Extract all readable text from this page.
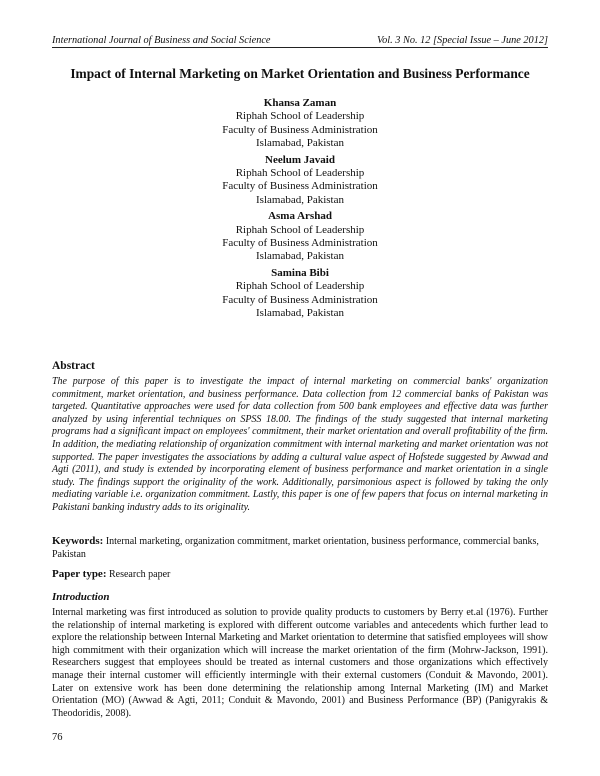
International Journal of Business and Social Science	Vol. 3 No. 12 [Special Issue – June 2012]
Impact of Internal Marketing on Market Orientation and Business Performance
Khansa Zaman
Riphah School of Leadership
Faculty of Business Administration
Islamabad, Pakistan
Neelum Javaid
Riphah School of Leadership
Faculty of Business Administration
Islamabad, Pakistan
Asma Arshad
Riphah School of Leadership
Faculty of Business Administration
Islamabad, Pakistan
Samina Bibi
Riphah School of Leadership
Faculty of Business Administration
Islamabad, Pakistan
Abstract

The purpose of this paper is to investigate the impact of internal marketing on commercial banks' organization commitment, market orientation, and business performance. Data collection from 12 commercial banks of Pakistan was targeted. Quantitative approaches were used for data collection from 500 bank employees and effective data was further analyzed by using inferential techniques on SPSS 18.00. The findings of the study suggested that internal marketing programs had a significant impact on employees' commitment, their market orientation and overall profitability of the firm. In addition, the mediating relationship of organization commitment with internal marketing and market orientation was not supported. The paper investigates the associations by adding a cultural value aspect of Hofstede suggested by Awwad and Agti (2011), and study is extended by incorporating element of business performance and market orientation in a single study. The findings support the originality of the work. Additionally, parsimonious aspect is followed by taking the only mediating variable i.e. organization commitment. Lastly, this paper is one of few papers that focus on internal marketing in Pakistani banking industry adds to its originality.

Keywords: Internal marketing, organization commitment, market orientation, business performance, commercial banks, Pakistan

Paper type: Research paper
Introduction

Internal marketing was first introduced as solution to provide quality products to customers by Berry et.al (1976). Further the relationship of internal marketing is explored with different outcome variables and antecedents which further lead to explore the relationship between Internal Marketing and Market orientation to determine that satisfied employees will show high commitment with their organization which will increase the market orientation of the firm (Mohrw-Jackson, 1991). Researchers suggest that employees should be treated as internal customers and those organizations which effectively manage their internal customer will efficiently intermingle with their external customers (Conduit & Mavondo, 2001). Later on extensive work has been done determining the relationship among Internal Marketing (IM) and Market Orientation (MO) (Awwad & Agti, 2011; Conduit & Mavondo, 2001) and Business Performance (BP) (Panigyrakis & Theodoridis, 2008).

76
